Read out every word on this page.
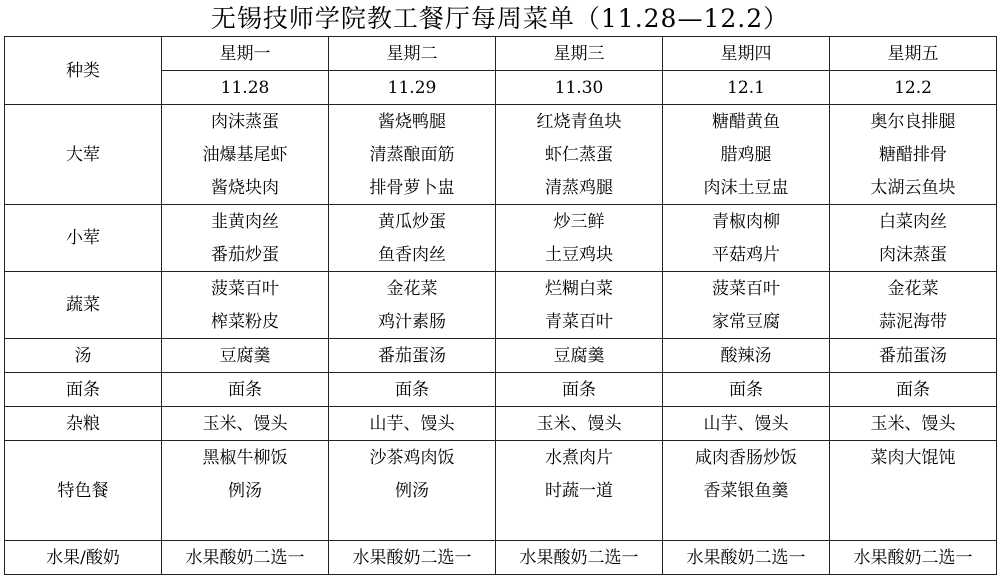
无锡技师学院教工餐厅每周菜单（11.28—12.2）
种类	星期一	星期二	星期三	星期四	星期五
	11.28	11.29	11.30	12.1	12.2
大荤	肉沫蒸蛋	酱烧鸭腿	红烧青鱼块	糖醋黄鱼	奥尔良排腿
	油爆基尾虾	清蒸酿面筋	虾仁蒸蛋	腊鸡腿	糖醋排骨
	酱烧块肉	排骨萝卜盅	清蒸鸡腿	肉沫土豆盅	太湖云鱼块
小荤	韭黄肉丝	黄瓜炒蛋	炒三鲜	青椒肉柳	白菜肉丝
	番茄炒蛋	鱼香肉丝	土豆鸡块	平菇鸡片	肉沫蒸蛋
蔬菜	菠菜百叶	金花菜	烂糊白菜	菠菜百叶	金花菜
	榨菜粉皮	鸡汁素肠	青菜百叶	家常豆腐	蒜泥海带
汤	豆腐羹	番茄蛋汤	豆腐羹	酸辣汤	番茄蛋汤
面条	面条	面条	面条	面条	面条
杂粮	玉米、馒头	山芋、馒头	玉米、馒头	山芋、馒头	玉米、馒头
特色餐	黑椒牛柳饭	沙茶鸡肉饭	水煮肉片	咸肉香肠炒饭	菜肉大馄饨
	例汤	例汤	时蔬一道	香菜银鱼羹	

水果/酸奶	水果酸奶二选一	水果酸奶二选一	水果酸奶二选一	水果酸奶二选一	水果酸奶二选一
